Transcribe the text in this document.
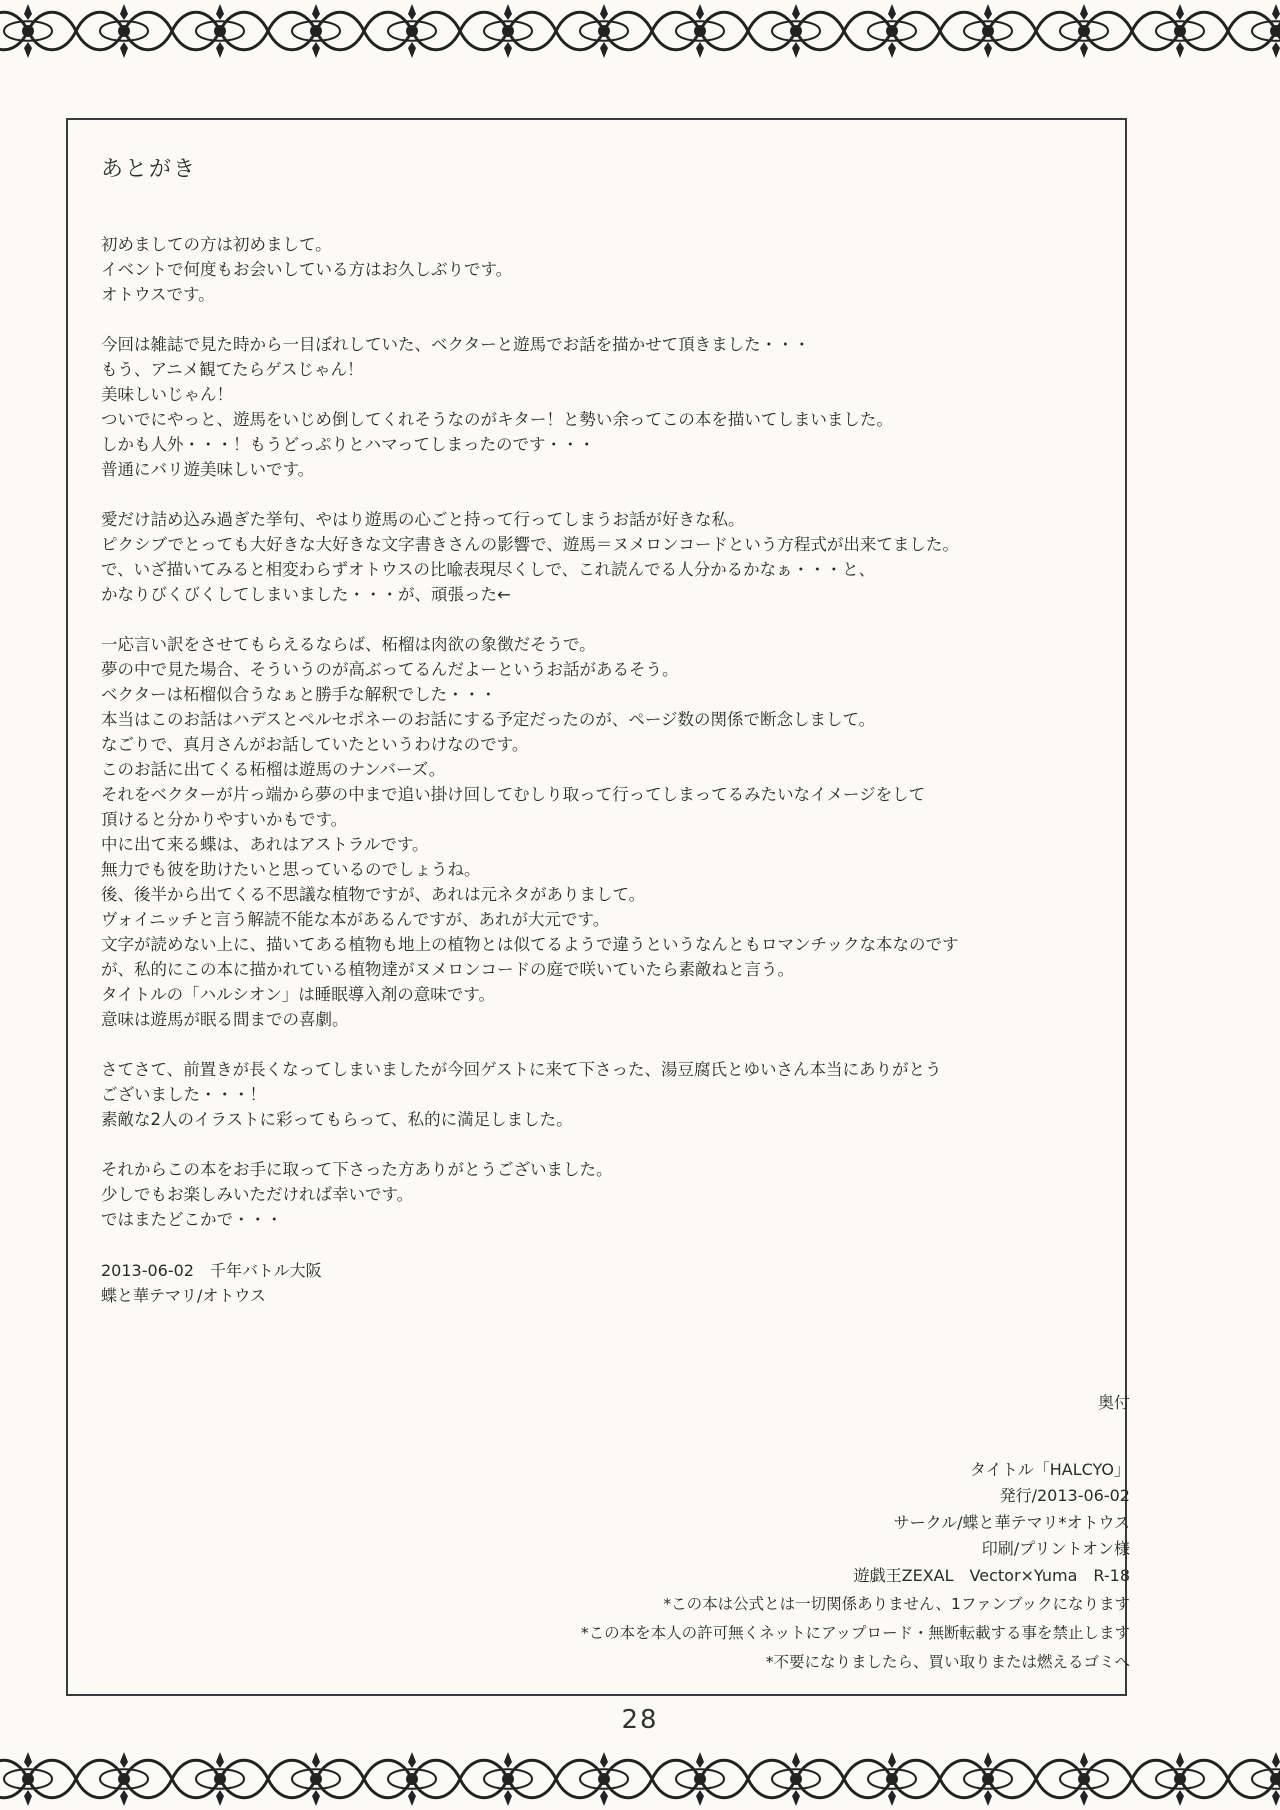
あとがき
初めましての方は初めまして。
イベントで何度もお会いしている方はお久しぶりです。
オトウスです。
今回は雑誌で見た時から一目ぼれしていた、ベクターと遊馬でお話を描かせて頂きました・・・
もう、アニメ観てたらゲスじゃん！
美味しいじゃん！
ついでにやっと、遊馬をいじめ倒してくれそうなのがキター！と勢い余ってこの本を描いてしまいました。
しかも人外・・・！もうどっぷりとハマってしまったのです・・・
普通にバリ遊美味しいです。
愛だけ詰め込み過ぎた挙句、やはり遊馬の心ごと持って行ってしまうお話が好きな私。
ピクシブでとっても大好きな大好きな文字書きさんの影響で、遊馬＝ヌメロンコードという方程式が出来てました。
で、いざ描いてみると相変わらずオトウスの比喩表現尽くしで、これ読んでる人分かるかなぁ・・・と、
かなりびくびくしてしまいました・・・が、頑張った←
一応言い訳をさせてもらえるならば、柘榴は肉欲の象徴だそうで。
夢の中で見た場合、そういうのが高ぶってるんだよーというお話があるそう。
ベクターは柘榴似合うなぁと勝手な解釈でした・・・
本当はこのお話はハデスとペルセポネーのお話にする予定だったのが、ページ数の関係で断念しまして。
なごりで、真月さんがお話していたというわけなのです。
このお話に出てくる柘榴は遊馬のナンバーズ。
それをベクターが片っ端から夢の中まで追い掛け回してむしり取って行ってしまってるみたいなイメージをして
頂けると分かりやすいかもです。
中に出て来る蝶は、あれはアストラルです。
無力でも彼を助けたいと思っているのでしょうね。
後、後半から出てくる不思議な植物ですが、あれは元ネタがありまして。
ヴォイニッチと言う解読不能な本があるんですが、あれが大元です。
文字が読めない上に、描いてある植物も地上の植物とは似てるようで違うというなんともロマンチックな本なのです
が、私的にこの本に描かれている植物達がヌメロンコードの庭で咲いていたら素敵ねと言う。
タイトルの「ハルシオン」は睡眠導入剤の意味です。
意味は遊馬が眠る間までの喜劇。
さてさて、前置きが長くなってしまいましたが今回ゲストに来て下さった、湯豆腐氏とゆいさん本当にありがとう
ございました・・・！
素敵な2人のイラストに彩ってもらって、私的に満足しました。
それからこの本をお手に取って下さった方ありがとうございました。
少しでもお楽しみいただければ幸いです。
ではまたどこかで・・・
2013-06-02　千年バトル大阪
蝶と華テマリ/オトウス
奥付
タイトル「HALCYO」
発行/2013-06-02
サークル/蝶と華テマリ*オトウス
印刷/プリントオン様
遊戯王ZEXAL　Vector×Yuma　R-18
*この本は公式とは一切関係ありません、1ファンブックになります
*この本を本人の許可無くネットにアップロード・無断転載する事を禁止します
*不要になりましたら、買い取りまたは燃えるゴミへ
28
